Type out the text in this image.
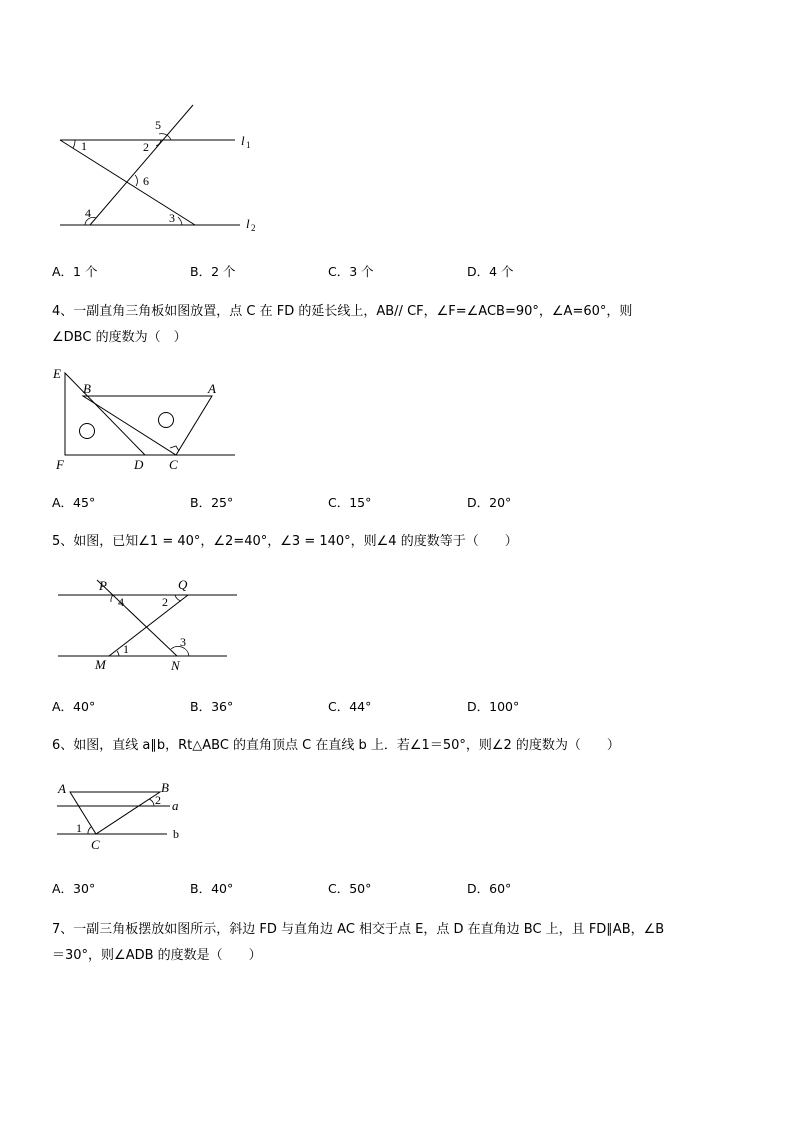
1	2
3
4
5
6
l 1
l 2
A．1 个	B．2 个	C．3 个	D．4 个
4、一副直角三角板如图放置，点 C 在 FD 的延长线上，AB// CF，∠F=∠ACB=90°，∠A=60°，则
∠DBC 的度数为（　）
E
B	A
F	D C
A．45°	B．25°	C．15°	D．20°
5、如图，已知∠1 = 40°，∠2=40°，∠3 = 140°，则∠4 的度数等于（　　）
P	Q
M	N
4	2
1	3
A．40°	B．36°	C．44°	D．100°
6、如图，直线 a∥b，Rt△ABC 的直角顶点 C 在直线 b 上．若∠1＝50°，则∠2 的度数为（　　）
A	B
C
1
2 a
b
A．30°	B．40°	C．50°	D．60°
7、一副三角板摆放如图所示，斜边 FD 与直角边 AC 相交于点 E，点 D 在直角边 BC 上，且 FD∥AB，∠B
＝30°，则∠ADB 的度数是（　　）
